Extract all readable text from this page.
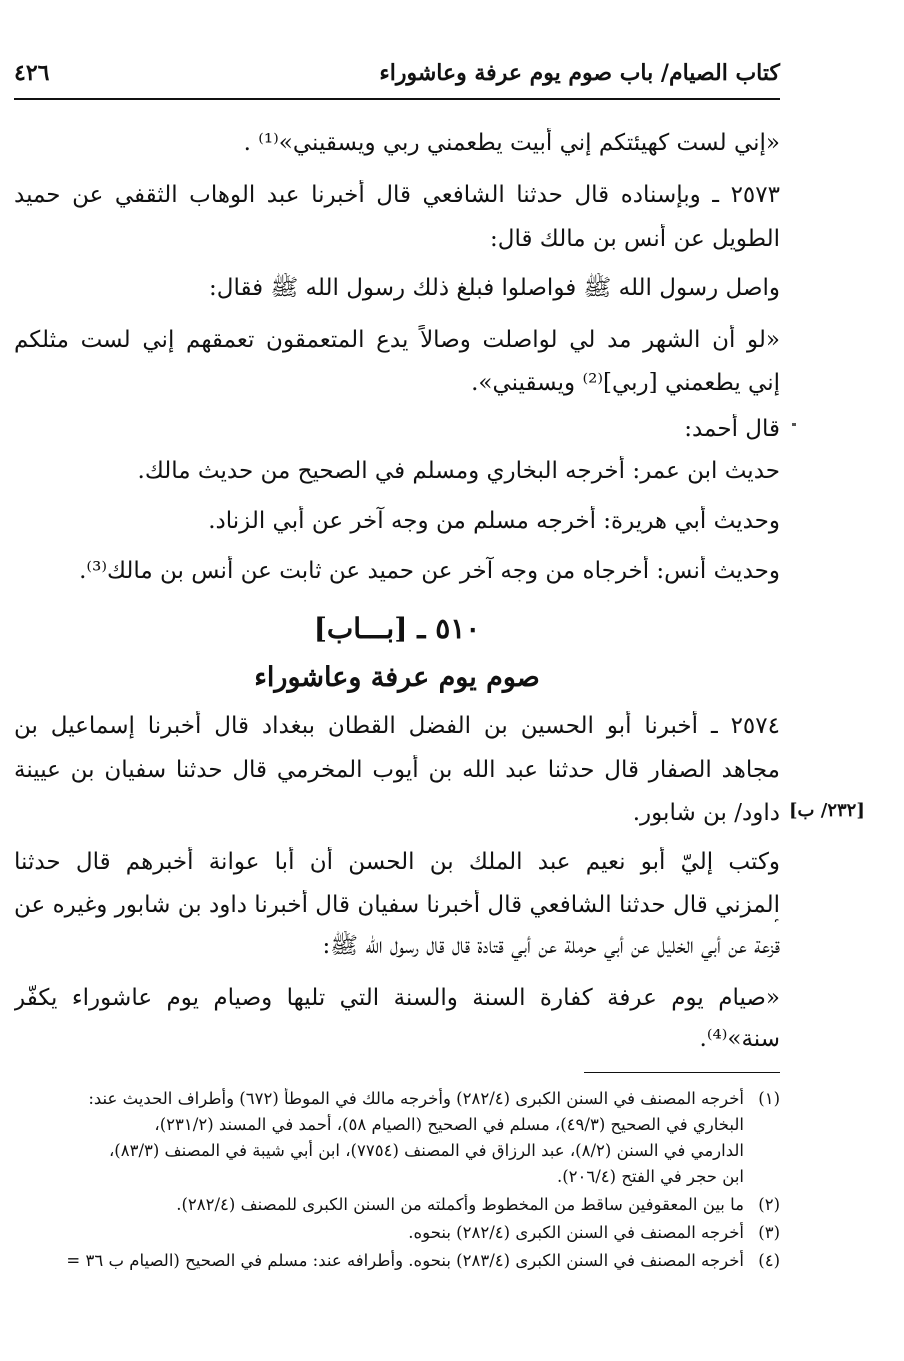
كتاب الصيام/ باب صوم يوم عرفة وعاشوراء
٤٢٦
«إني لست كهيئتكم إني أبيت يطعمني ربي ويسقيني»⁽¹⁾ .
٢٥٧٣ ـ وبإسناده قال حدثنا الشافعي قال أخبرنا عبد الوهاب الثقفي عن حميد
الطويل عن أنس بن مالك قال:
واصل رسول الله ﷺ فواصلوا فبلغ ذلك رسول الله ﷺ فقال:
«لو أن الشهر مد لي لواصلت وصالاً يدع المتعمقون تعمقهم إني لست مثلكم
إني يطعمني [ربي]⁽²⁾ ويسقيني».
قال أحمد:
حديث ابن عمر: أخرجه البخاري ومسلم في الصحيح من حديث مالك.
وحديث أبي هريرة: أخرجه مسلم من وجه آخر عن أبي الزناد.
وحديث أنس: أخرجاه من وجه آخر عن حميد عن ثابت عن أنس بن مالك⁽³⁾.
٥١٠ ـ [بـــاب]
صوم يوم عرفة وعاشوراء
٢٥٧٤ ـ أخبرنا أبو الحسين بن الفضل القطان ببغداد قال أخبرنا إسماعيل بن
مجاهد الصفار قال حدثنا عبد الله بن أيوب المخرمي قال حدثنا سفيان بن عيينة
داود/ بن شابور. [٢٣٢/ ب]
وكتب إليّ أبو نعيم عبد الملك بن الحسن أن أبا عوانة أخبرهم قال حدثنا
المزني قال حدثنا الشافعي قال أخبرنا سفيان قال أخبرنا داود بن شابور وغيره عن
قزعة عن أبي الخليل عن أبي حرملة عن أبي قتادة قال قال رسول الله ﷺ:
«صيام يوم عرفة كفارة السنة والسنة التي تليها وصيام يوم عاشوراء يكفّر
سنة»⁽⁴⁾.
(١)أخرجه المصنف في السنن الكبرى (٢٨٢/٤) وأخرجه مالك في الموطأ (٦٧٢) وأطراف الحديث عند:
البخاري في الصحيح (٤٩/٣)، مسلم في الصحيح (الصيام ٥٨)، أحمد في المسند (٢٣١/٢)،
الدارمي في السنن (٨/٢)، عبد الرزاق في المصنف (٧٧٥٤)، ابن أبي شيبة في المصنف (٨٣/٣)،
ابن حجر في الفتح (٢٠٦/٤).
(٢)ما بين المعقوفين ساقط من المخطوط وأكملته من السنن الكبرى للمصنف (٢٨٢/٤).
(٣)أخرجه المصنف في السنن الكبرى (٢٨٢/٤) بنحوه.
(٤)أخرجه المصنف في السنن الكبرى (٢٨٣/٤) بنحوه. وأطرافه عند: مسلم في الصحيح (الصيام ب ٣٦ =
